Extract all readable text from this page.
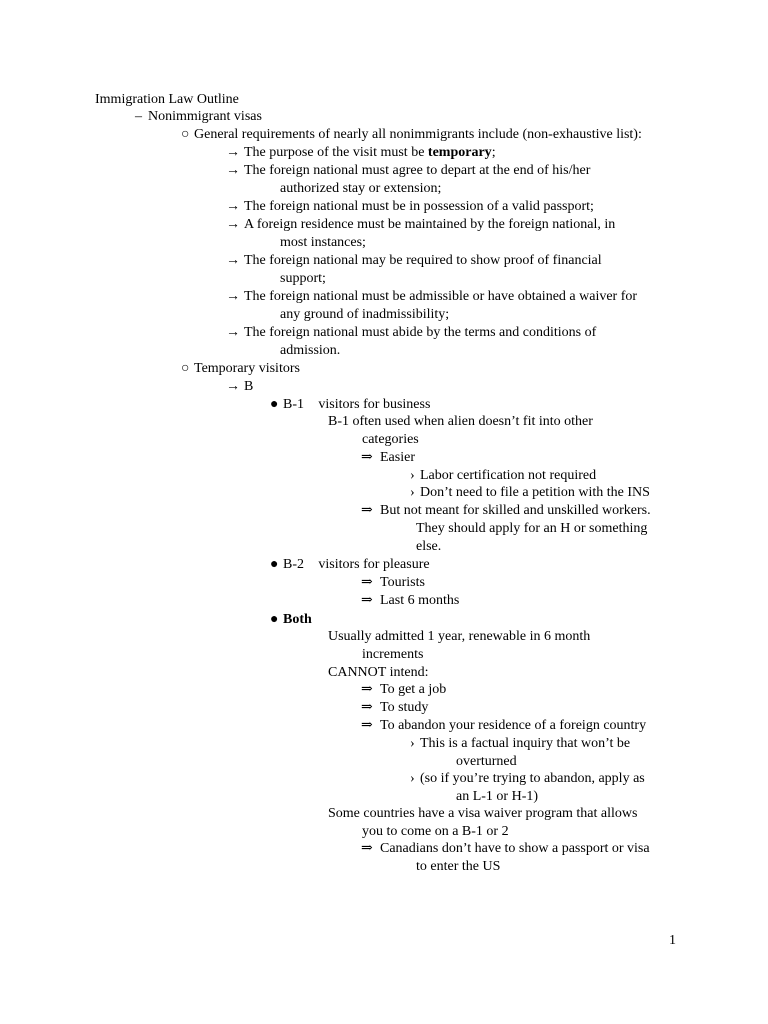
Immigration Law Outline
– Nonimmigrant visas
○ General requirements of nearly all nonimmigrants include (non-exhaustive list):
→ The purpose of the visit must be temporary;
→ The foreign national must agree to depart at the end of his/her
authorized stay or extension;
→ The foreign national must be in possession of a valid passport;
→ A foreign residence must be maintained by the foreign national, in
most instances;
→ The foreign national may be required to show proof of financial
support;
→ The foreign national must be admissible or have obtained a waiver for
any ground of inadmissibility;
→ The foreign national must abide by the terms and conditions of
admission.
○ Temporary visitors
→ B
● B-1 visitors for business
B-1 often used when alien doesn’t fit into other
categories
⇒ Easier
› Labor certification not required
› Don’t need to file a petition with the INS
⇒ But not meant for skilled and unskilled workers.
They should apply for an H or something
else.
● B-2 visitors for pleasure
⇒ Tourists
⇒ Last 6 months
● Both
Usually admitted 1 year, renewable in 6 month
increments
CANNOT intend:
⇒ To get a job
⇒ To study
⇒ To abandon your residence of a foreign country
› This is a factual inquiry that won’t be
overturned
› (so if you’re trying to abandon, apply as
an L-1 or H-1)
Some countries have a visa waiver program that allows
you to come on a B-1 or 2
⇒ Canadians don’t have to show a passport or visa
to enter the US
1
